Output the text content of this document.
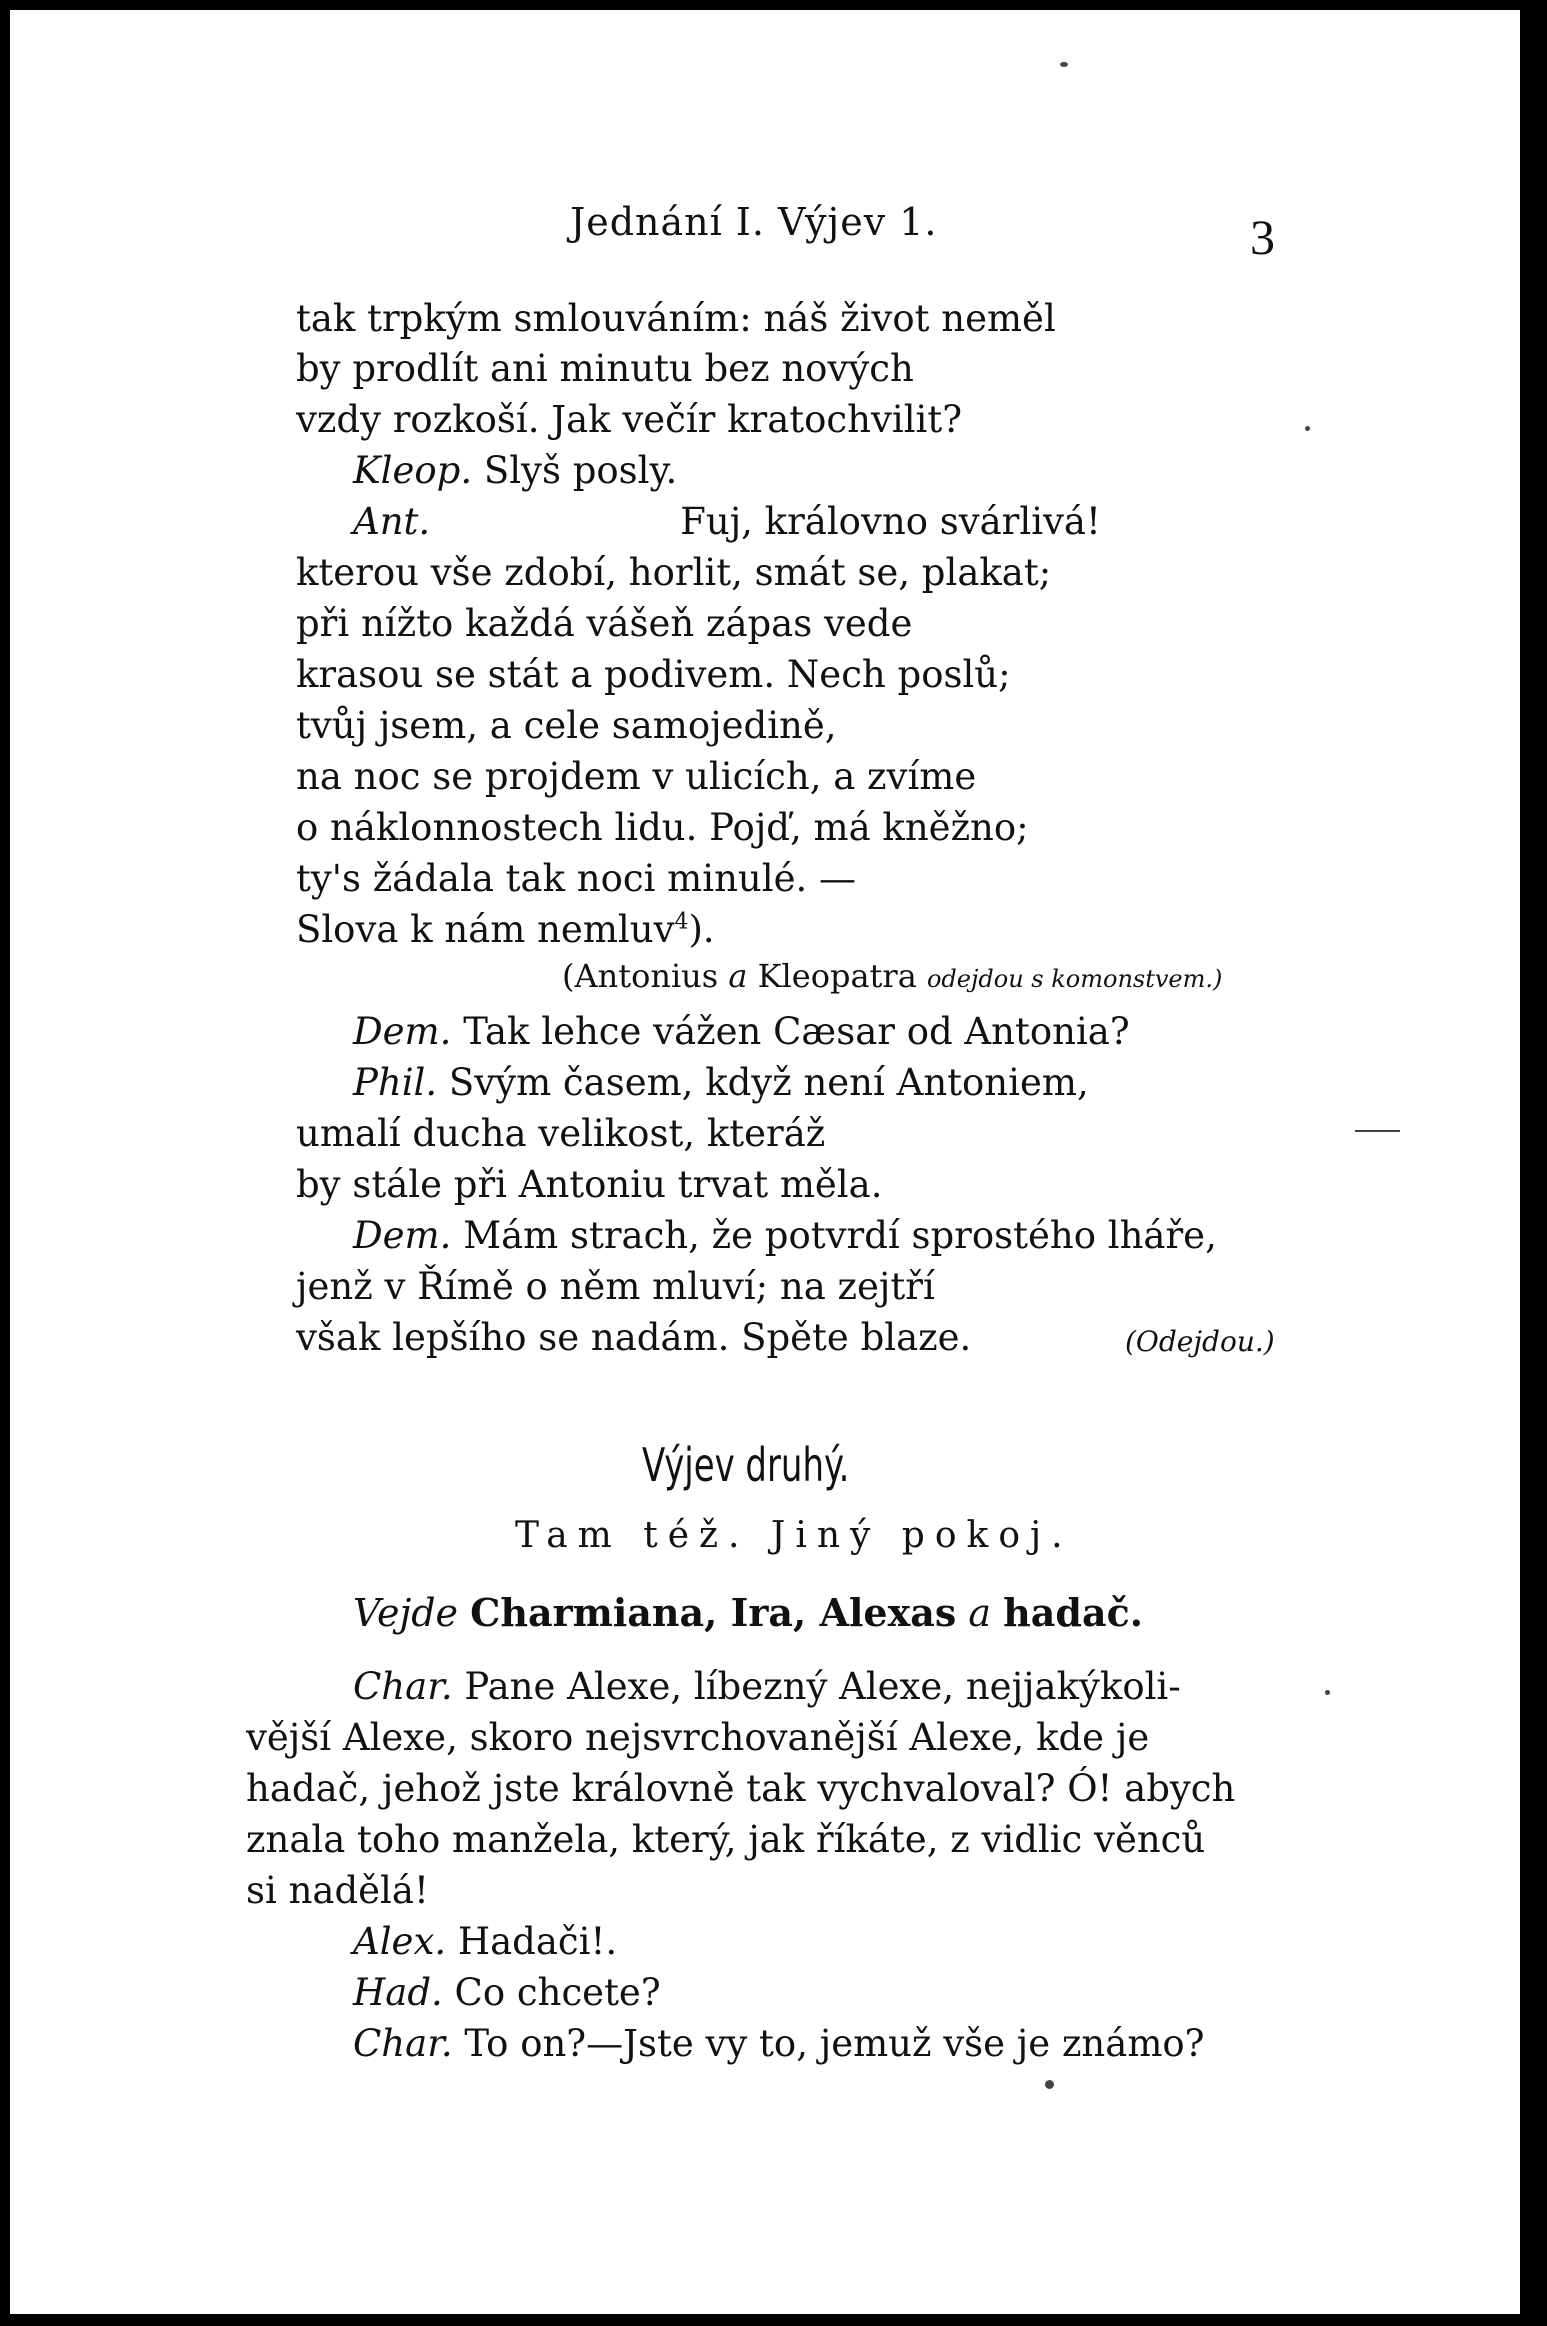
Jednání I. Výjev 1.	3
tak trpkým smlouváním: náš život neměl
by prodlít ani minutu bez nových
vzdy rozkoší. Jak večír kratochvilit?
Kleop. Slyš posly.
Ant.	Fuj, královno svárlivá!
kterou vše zdobí, horlit, smát se, plakat;
při nížto každá vášeň zápas vede
krasou se stát a podivem. Nech poslů;
tvůj jsem, a cele samojedině,
na noc se projdem v ulicích, a zvíme
o náklonnostech lidu. Pojď, má kněžno;
ty's žádala tak noci minulé. —
Slova k nám nemluv$^4$).
(Antonius a Kleopatra odejdou s komonstvem.)
Dem. Tak lehce vážen Cæsar od Antonia?
Phil. Svým časem, když není Antoniem,
umalí ducha velikost, kteráž
by stále při Antoniu trvat měla.
Dem. Mám strach, že potvrdí sprostého lháře,
jenž v Římě o něm mluví; na zejtří
však lepšího se nadám. Spěte blaze.	(Odejdou.)
Výjev druhý.
Tam též. Jiný pokoj.
Vejde Charmiana, Ira, Alexas a hadač.
Char. Pane Alexe, líbezný Alexe, nejjakýkoli-
vější Alexe, skoro nejsvrchovanější Alexe, kde je
hadač, jehož jste královně tak vychvaloval? Ó! abych
znala toho manžela, který, jak říkáte, z vidlic věnců
si nadělá!
Alex. Hadači!.
Had. Co chcete?
Char. To on?—Jste vy to, jemuž vše je známo?
